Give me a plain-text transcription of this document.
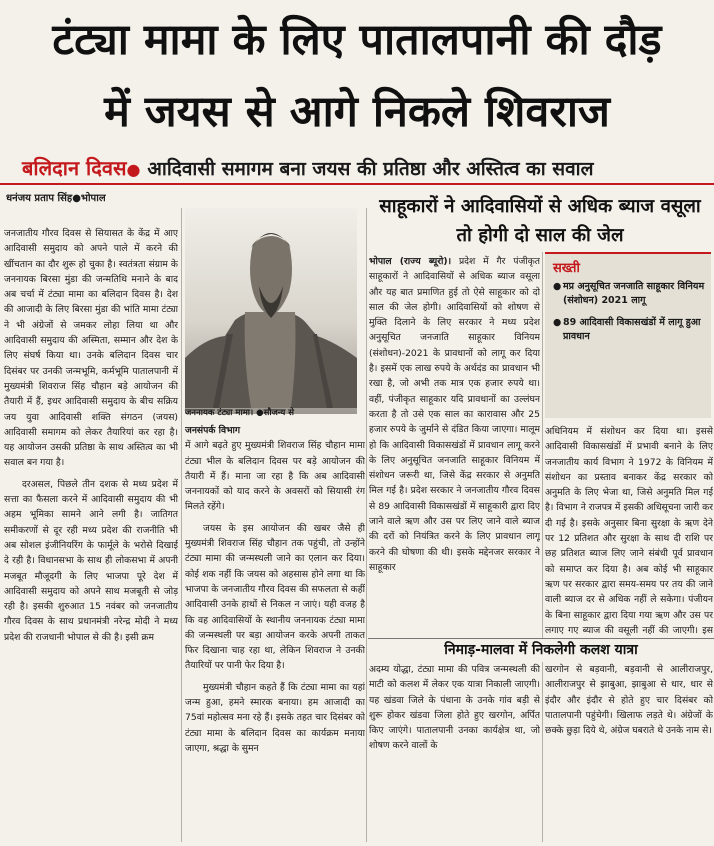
टंट्या मामा के लिए पातालपानी की दौड़
में जयस से आगे निकले शिवराज
बलिदान दिवस● आदिवासी समागम बना जयस की प्रतिष्ठा और अस्तित्व का सवाल
धनंजय प्रताप सिंह●भोपाल

जनजातीय गौरव दिवस से सियासत के केंद्र में आए आदिवासी समुदाय को अपने पाले में करने की खींचतान का दौर शुरू हो चुका है। स्वतंत्रता संग्राम के जननायक बिरसा मुंडा की जन्मतिथि मनाने के बाद अब चर्चा में टंट्या मामा का बलिदान दिवस है। देश की आजादी के लिए बिरसा मुंडा की भांति मामा टंट्या ने भी अंग्रेजों से जमकर लोहा लिया था और आदिवासी समुदाय की अस्मिता, सम्मान और देश के लिए संघर्ष किया था। उनके बलिदान दिवस चार दिसंबर पर उनकी जन्मभूमि, कर्मभूमि पातालपानी में मुख्यमंत्री शिवराज सिंह चौहान बड़े आयोजन की तैयारी में हैं, इधर आदिवासी समुदाय के बीच सक्रिय जय युवा आदिवासी शक्ति संगठन (जयस) आदिवासी समागम को लेकर तैयारियां कर रहा है। यह आयोजन उसकी प्रतिष्ठा के साथ अस्तित्व का भी सवाल बन गया है।

दरअसल, पिछले तीन दशक से मध्य प्रदेश में सत्ता का फैसला करने में आदिवासी समुदाय की भी अहम भूमिका सामने आने लगी है। जातिगत समीकरणों से दूर रही मध्य प्रदेश की राजनीति भी अब सोशल इंजीनियरिंग के फार्मूले के भरोसे दिखाई दे रही है। विधानसभा के साथ ही लोकसभा में अपनी मजबूत मौजूदगी के लिए भाजपा पूरे देश में आदिवासी समुदाय को अपने साथ मजबूती से जोड़ रही है। इसकी शुरुआत 15 नवंबर को जनजातीय गौरव दिवस के साथ प्रधानमंत्री नरेन्द्र मोदी ने मध्य प्रदेश की राजधानी भोपाल से की है। इसी क्रम

जननायक टंट्या मामा। ●सौजन्य से

जनसंपर्क विभाग

में आगे बढ़ते हुए मुख्यमंत्री शिवराज सिंह चौहान मामा टंट्या भील के बलिदान दिवस पर बड़े आयोजन की तैयारी में हैं। माना जा रहा है कि अब आदिवासी जननायकों को याद करने के अवसरों को सियासी रंग मिलते रहेंगे।

जयस के इस आयोजन की खबर जैसे ही मुख्यमंत्री शिवराज सिंह चौहान तक पहुंची, तो उन्होंने टंट्या मामा की जन्मस्थली जाने का एलान कर दिया। कोई शक नहीं कि जयस को अहसास होने लगा था कि भाजपा के जनजातीय गौरव दिवस की सफलता से कहीं आदिवासी उनके हाथों से निकल न जाएं। यही वजह है कि वह आदिवासियों के स्थानीय जननायक टंट्या मामा की जन्मस्थली पर बड़ा आयोजन करके अपनी ताकत फिर दिखाना चाह रहा था, लेकिन शिवराज ने उनकी तैयारियों पर पानी फेर दिया है।

मुख्यमंत्री चौहान कहते हैं कि टंट्या मामा का यहां जन्म हुआ, हमने स्मारक बनाया। हम आजादी का 75वां महोत्सव मना रहे हैं। इसके तहत चार दिसंबर को टंट्या मामा के बलिदान दिवस का कार्यक्रम मनाया जाएगा, श्रद्धा के सुमन

साहूकारों ने आदिवासियों से अधिक ब्याज वसूला तो होगी दो साल की जेल

भोपाल (राज्य ब्यूरो)। प्रदेश में गैर पंजीकृत साहूकारों ने आदिवासियों से अधिक ब्याज वसूला और यह बात प्रमाणित हुई तो ऐसे साहूकार को दो साल की जेल होगी। आदिवासियों को शोषण से मुक्ति दिलाने के लिए सरकार ने मध्य प्रदेश अनुसूचित जनजाति साहूकार विनियम (संशोधन)-2021 के प्रावधानों को लागू कर दिया है। इसमें एक लाख रुपये के अर्थदंड का प्रावधान भी रखा है, जो अभी तक मात्र एक हजार रुपये था। वहीं, पंजीकृत साहूकार यदि प्रावधानों का उल्लंघन करता है तो उसे एक साल का कारावास और 25 हजार रुपये के जुर्माने से दंडित किया जाएगा। मालूम हो कि आदिवासी विकासखंडों में प्रावधान लागू करने के लिए अनुसूचित जनजाति साहूकार विनियम में संशोधन जरूरी था, जिसे केंद्र सरकार से अनुमति मिल गई है। प्रदेश सरकार ने जनजातीय गौरव दिवस से 89 आदिवासी विकासखंडों में साहूकारी द्वारा दिए जाने वाले ऋण और उस पर लिए जाने वाले ब्याज की दरों को नियंत्रित करने के लिए प्रावधान लागू करने की घोषणा की थी। इसके मद्देनजर सरकार ने साहूकार

सख्ती
● मप्र अनुसूचित जनजाति साहूकार विनियम (संशोधन) 2021 लागू
● 89 आदिवासी विकासखंडों में लागू हुआ प्रावधान

अधिनियम में संशोधन कर दिया था। इससे आदिवासी विकासखंडों में प्रभावी बनाने के लिए जनजातीय कार्य विभाग ने 1972 के विनियम में संशोधन का प्रस्ताव बनाकर केंद्र सरकार को अनुमति के लिए भेजा था, जिसे अनुमति मिल गई है। विभाग ने राजपत्र में इसकी अधिसूचना जारी कर दी गई है। इसके अनुसार बिना सुरक्षा के ऋण देने पर 12 प्रतिशत और सुरक्षा के साथ दी राशि पर छह प्रतिशत ब्याज लिए जाने संबंधी पूर्व प्रावधान को समाप्त कर दिया है। अब कोई भी साहूकार ऋण पर सरकार द्वारा समय-समय पर तय की जाने वाली ब्याज दर से अधिक नहीं ले सकेगा। पंजीयन के बिना साहूकार द्वारा दिया गया ऋण और उस पर लगाए गए ब्याज की वसूली नहीं की जाएगी। इस

निमाड़-मालवा में निकलेगी कलश यात्रा

अदम्य योद्धा, टंट्या मामा की पवित्र जन्मस्थली की माटी को कलश में लेकर एक यात्रा निकाली जाएगी। यह खंडवा जिले के पंधाना के उनके गांव बड़ी से शुरू होकर खंडवा जिला होते हुए खरगोन, अर्पित किए जाएंगे। पातालपानी उनका कार्यक्षेत्र था, जो शोषण करने वालों के

खरगोन से बड़वानी, बड़वानी से आलीराजपुर, आलीराजपुर से झाबुआ, झाबुआ से धार, धार से इंदौर और इंदौर से होते हुए चार दिसंबर को पातालपानी पहुंचेगी। खिलाफ लड़ते थे। अंग्रेजों के छक्के छुड़ा दिये थे, अंग्रेज घबराते थे उनके नाम से।
